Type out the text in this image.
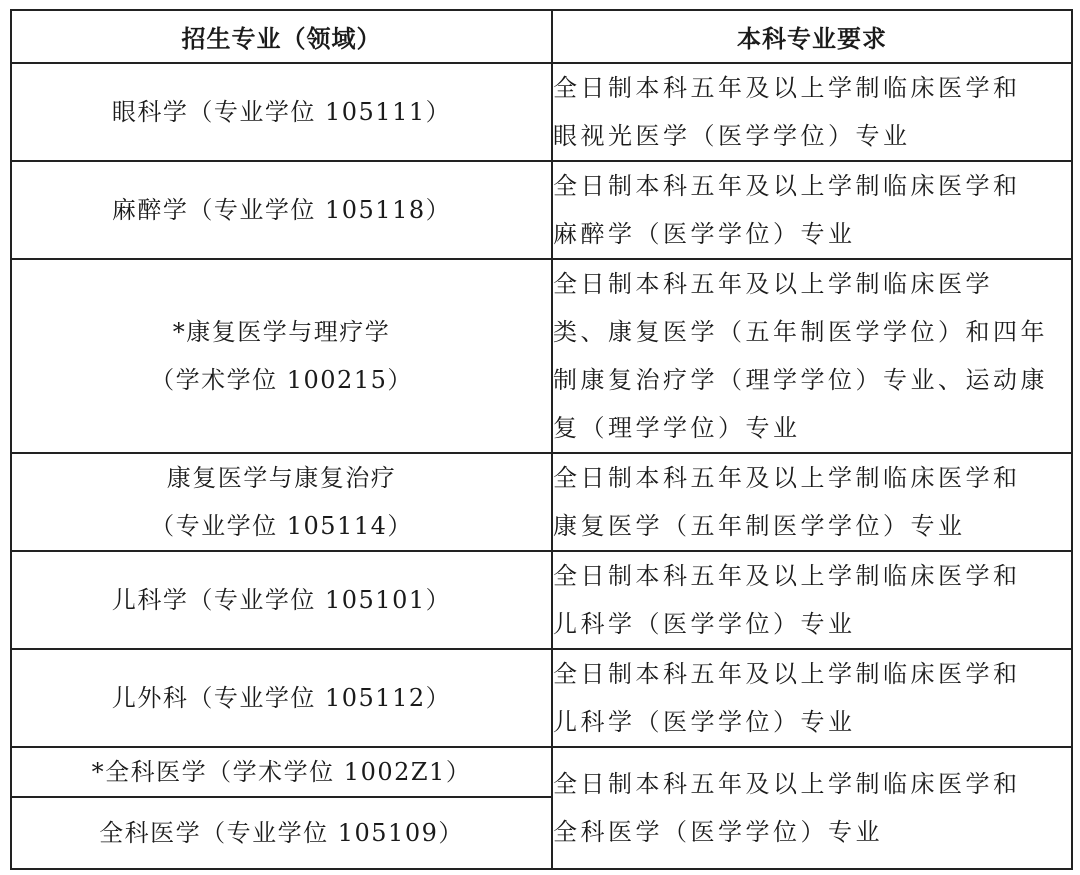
招生专业（领域）	本科专业要求

眼科学（专业学位 105111）	全日制本科五年及以上学制临床医学和
眼视光医学（医学学位）专业

麻醉学（专业学位 105118）	全日制本科五年及以上学制临床医学和
麻醉学（医学学位）专业

*康复医学与理疗学
（学术学位 100215）	全日制本科五年及以上学制临床医学
类、康复医学（五年制医学学位）和四年
制康复治疗学（理学学位）专业、运动康
复（理学学位）专业

康复医学与康复治疗
（专业学位 105114）	全日制本科五年及以上学制临床医学和
康复医学（五年制医学学位）专业

儿科学（专业学位 105101）	全日制本科五年及以上学制临床医学和
儿科学（医学学位）专业

儿外科（专业学位 105112）	全日制本科五年及以上学制临床医学和
儿科学（医学学位）专业

*全科医学（学术学位 1002Z1）	全日制本科五年及以上学制临床医学和
全科医学（医学学位）专业

全科医学（专业学位 105109）	
